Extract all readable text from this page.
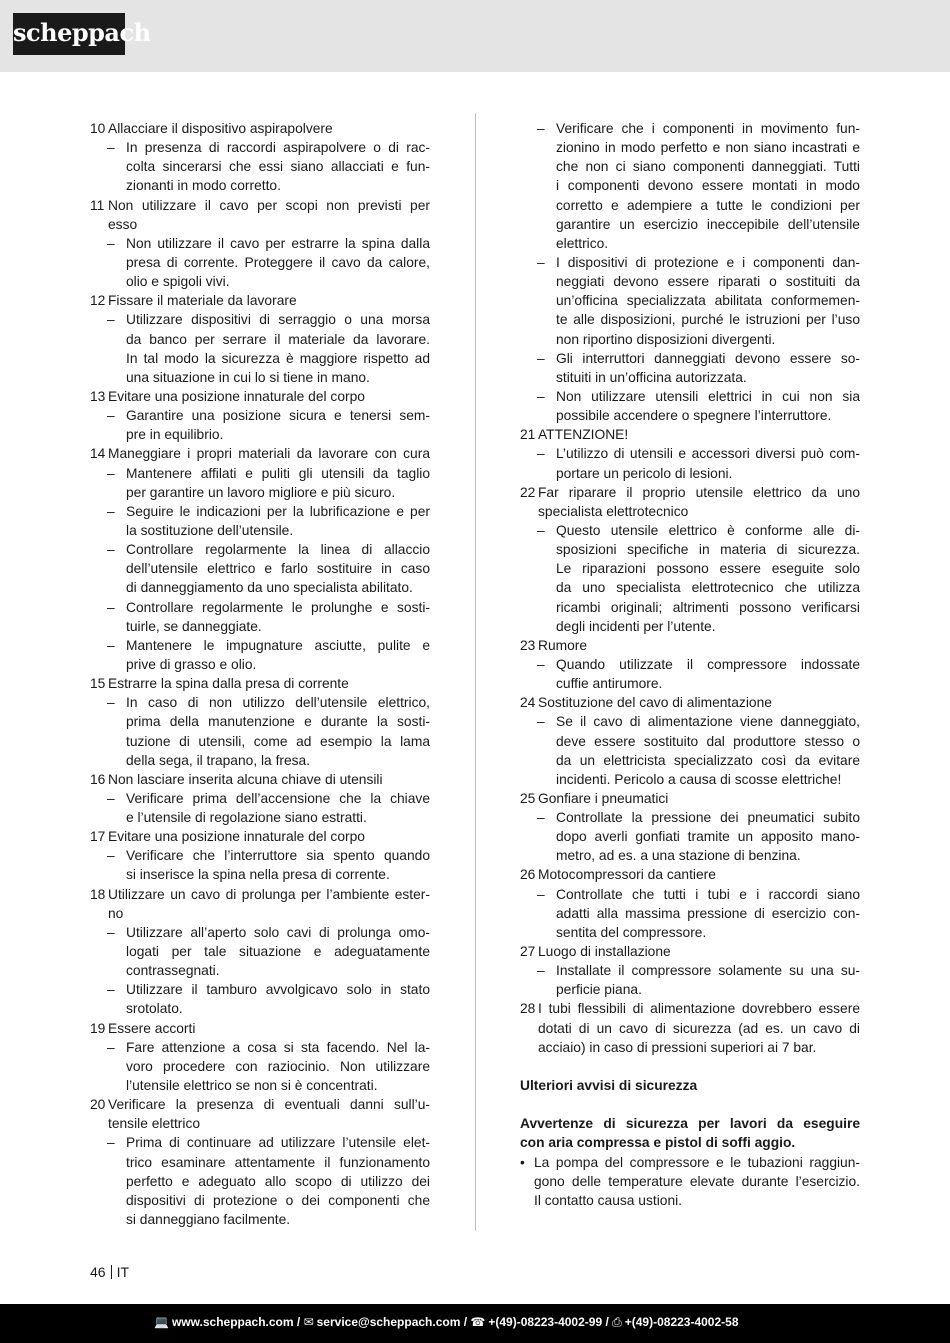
scheppach
10 Allacciare il dispositivo aspirapolvere
– In presenza di raccordi aspirapolvere o di rac-
colta sincerarsi che essi siano allacciati e fun-
zionanti in modo corretto.
11 Non utilizzare il cavo per scopi non previsti per
esso
– Non utilizzare il cavo per estrarre la spina dalla
presa di corrente. Proteggere il cavo da calore,
olio e spigoli vivi.
12 Fissare il materiale da lavorare
– Utilizzare dispositivi di serraggio o una morsa
da banco per serrare il materiale da lavorare.
In tal modo la sicurezza è maggiore rispetto ad
una situazione in cui lo si tiene in mano.
13 Evitare una posizione innaturale del corpo
– Garantire una posizione sicura e tenersi sem-
pre in equilibrio.
14 Maneggiare i propri materiali da lavorare con cura
– Mantenere affilati e puliti gli utensili da taglio
per garantire un lavoro migliore e più sicuro.
– Seguire le indicazioni per la lubrificazione e per
la sostituzione dell’utensile.
– Controllare regolarmente la linea di allaccio
dell’utensile elettrico e farlo sostituire in caso
di danneggiamento da uno specialista abilitato.
– Controllare regolarmente le prolunghe e sosti-
tuirle, se danneggiate.
– Mantenere le impugnature asciutte, pulite e
prive di grasso e olio.
15 Estrarre la spina dalla presa di corrente
– In caso di non utilizzo dell’utensile elettrico,
prima della manutenzione e durante la sosti-
tuzione di utensili, come ad esempio la lama
della sega, il trapano, la fresa.
16 Non lasciare inserita alcuna chiave di utensili
– Verificare prima dell’accensione che la chiave
e l’utensile di regolazione siano estratti.
17 Evitare una posizione innaturale del corpo
– Verificare che l’interruttore sia spento quando
si inserisce la spina nella presa di corrente.
18 Utilizzare un cavo di prolunga per l’ambiente ester-
no
– Utilizzare all’aperto solo cavi di prolunga omo-
logati per tale situazione e adeguatamente
contrassegnati.
– Utilizzare il tamburo avvolgicavo solo in stato
srotolato.
19 Essere accorti
– Fare attenzione a cosa si sta facendo. Nel la-
voro procedere con raziocinio. Non utilizzare
l’utensile elettrico se non si è concentrati.
20 Verificare la presenza di eventuali danni sull’u-
tensile elettrico
– Prima di continuare ad utilizzare l’utensile elet-
trico esaminare attentamente il funzionamento
perfetto e adeguato allo scopo di utilizzo dei
dispositivi di protezione o dei componenti che
si danneggiano facilmente.
– Verificare che i componenti in movimento fun-
zionino in modo perfetto e non siano incastrati e
che non ci siano componenti danneggiati. Tutti
i componenti devono essere montati in modo
corretto e adempiere a tutte le condizioni per
garantire un esercizio ineccepibile dell’utensile
elettrico.
– I dispositivi di protezione e i componenti dan-
neggiati devono essere riparati o sostituiti da
un’officina specializzata abilitata conformemen-
te alle disposizioni, purché le istruzioni per l’uso
non riportino disposizioni divergenti.
– Gli interruttori danneggiati devono essere so-
stituiti in un’officina autorizzata.
– Non utilizzare utensili elettrici in cui non sia
possibile accendere o spegnere l’interruttore.
21 ATTENZIONE!
– L’utilizzo di utensili e accessori diversi può com-
portare un pericolo di lesioni.
22 Far riparare il proprio utensile elettrico da uno
specialista elettrotecnico
– Questo utensile elettrico è conforme alle di-
sposizioni specifiche in materia di sicurezza.
Le riparazioni possono essere eseguite solo
da uno specialista elettrotecnico che utilizza
ricambi originali; altrimenti possono verificarsi
degli incidenti per l’utente.
23 Rumore
– Quando utilizzate il compressore indossate
cuffie antirumore.
24 Sostituzione del cavo di alimentazione
– Se il cavo di alimentazione viene danneggiato,
deve essere sostituito dal produttore stesso o
da un elettricista specializzato così da evitare
incidenti. Pericolo a causa di scosse elettriche!
25 Gonfiare i pneumatici
– Controllate la pressione dei pneumatici subito
dopo averli gonfiati tramite un apposito mano-
metro, ad es. a una stazione di benzina.
26 Motocompressori da cantiere
– Controllate che tutti i tubi e i raccordi siano
adatti alla massima pressione di esercizio con-
sentita del compressore.
27 Luogo di installazione
– Installate il compressore solamente su una su-
perficie piana.
28 I tubi flessibili di alimentazione dovrebbero essere
dotati di un cavo di sicurezza (ad es. un cavo di
acciaio) in caso di pressioni superiori ai 7 bar.
Ulteriori avvisi di sicurezza
Avvertenze di sicurezza per lavori da eseguire
con aria compressa e pistol di soffi aggio.
• La pompa del compressore e le tubazioni raggiun-
gono delle temperature elevate durante l’esercizio.
Il contatto causa ustioni.
46 IT
💻 www.scheppach.com / ✉ service@scheppach.com / ☎ +(49)-08223-4002-99 / ⎙ +(49)-08223-4002-58
